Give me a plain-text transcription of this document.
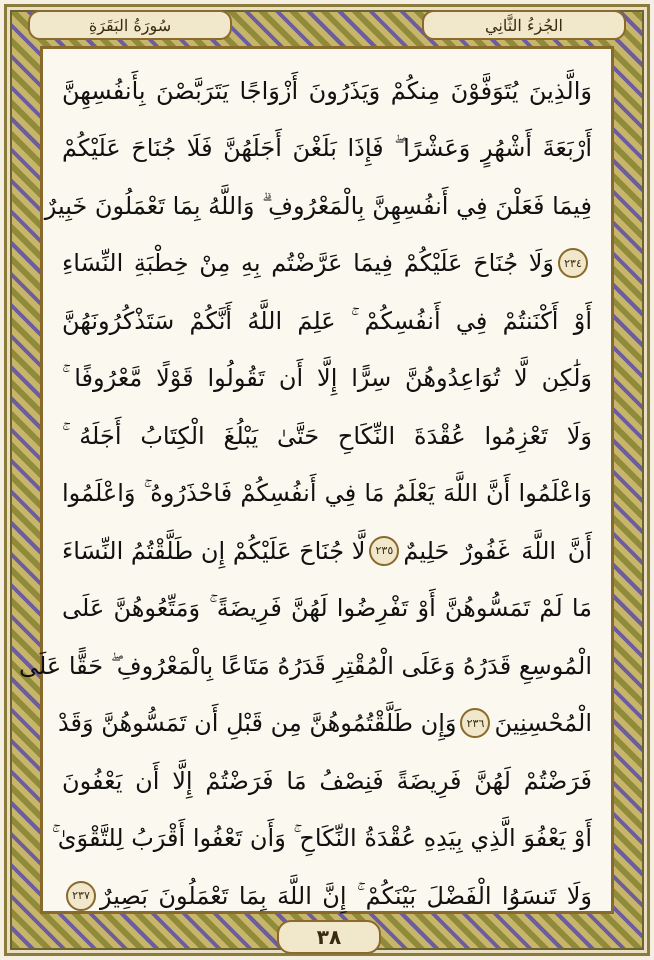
الجُزءُ الثَّانِي
سُورَةُ البَقَرَةِ
وَالَّذِينَ يُتَوَفَّوْنَ مِنكُمْ وَيَذَرُونَ أَزْوَاجًا يَتَرَبَّصْنَ بِأَنفُسِهِنَّ
أَرْبَعَةَ أَشْهُرٍ وَعَشْرًا ۖ فَإِذَا بَلَغْنَ أَجَلَهُنَّ فَلَا جُنَاحَ عَلَيْكُمْ
فِيمَا فَعَلْنَ فِي أَنفُسِهِنَّ بِالْمَعْرُوفِ ۗ وَاللَّهُ بِمَا تَعْمَلُونَ خَبِيرٌ
٢٣٤
وَلَا جُنَاحَ عَلَيْكُمْ فِيمَا عَرَّضْتُم بِهِ مِنْ خِطْبَةِ النِّسَاءِ
أَوْ أَكْنَنتُمْ فِي أَنفُسِكُمْ ۚ عَلِمَ اللَّهُ أَنَّكُمْ سَتَذْكُرُونَهُنَّ
وَلَٰكِن لَّا تُوَاعِدُوهُنَّ سِرًّا إِلَّا أَن تَقُولُوا قَوْلًا مَّعْرُوفًا ۚ
وَلَا تَعْزِمُوا عُقْدَةَ النِّكَاحِ حَتَّىٰ يَبْلُغَ الْكِتَابُ أَجَلَهُ ۚ
وَاعْلَمُوا أَنَّ اللَّهَ يَعْلَمُ مَا فِي أَنفُسِكُمْ فَاحْذَرُوهُ ۚ وَاعْلَمُوا
أَنَّ اللَّهَ غَفُورٌ حَلِيمٌ
٢٣٥
لَّا جُنَاحَ عَلَيْكُمْ إِن طَلَّقْتُمُ النِّسَاءَ
مَا لَمْ تَمَسُّوهُنَّ أَوْ تَفْرِضُوا لَهُنَّ فَرِيضَةً ۚ وَمَتِّعُوهُنَّ عَلَى
الْمُوسِعِ قَدَرُهُ وَعَلَى الْمُقْتِرِ قَدَرُهُ مَتَاعًا بِالْمَعْرُوفِ ۖ حَقًّا عَلَى
الْمُحْسِنِينَ
٢٣٦
وَإِن طَلَّقْتُمُوهُنَّ مِن قَبْلِ أَن تَمَسُّوهُنَّ وَقَدْ
فَرَضْتُمْ لَهُنَّ فَرِيضَةً فَنِصْفُ مَا فَرَضْتُمْ إِلَّا أَن يَعْفُونَ
أَوْ يَعْفُوَ الَّذِي بِيَدِهِ عُقْدَةُ النِّكَاحِ ۚ وَأَن تَعْفُوا أَقْرَبُ لِلتَّقْوَىٰ ۚ
وَلَا تَنسَوُا الْفَضْلَ بَيْنَكُمْ ۚ إِنَّ اللَّهَ بِمَا تَعْمَلُونَ بَصِيرٌ
٢٣٧
٣٨
